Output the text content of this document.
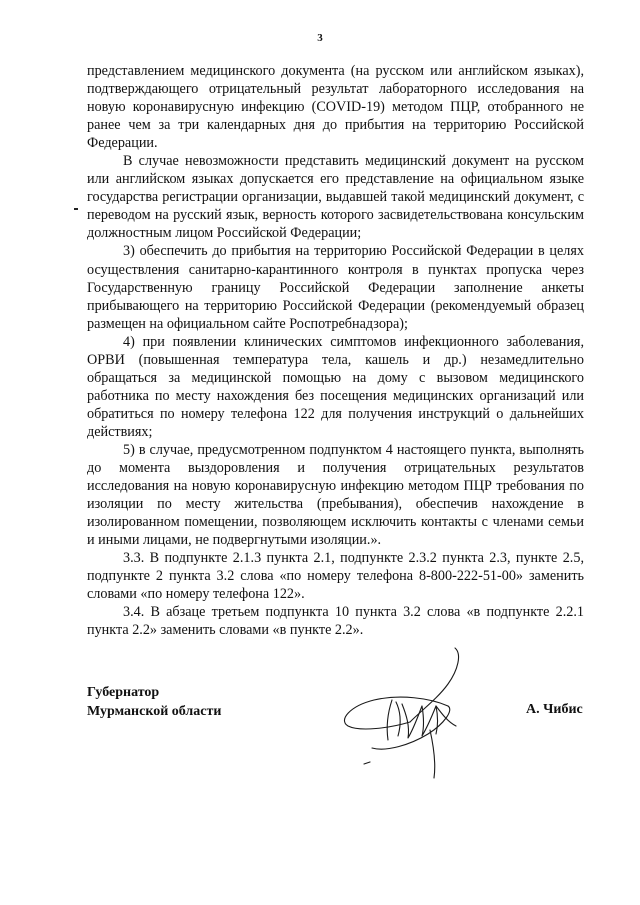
3

представлением медицинского документа (на русском или английском языках), подтверждающего отрицательный результат лабораторного исследования на новую коронавирусную инфекцию (COVID-19) методом ПЦР, отобранного не ранее чем за три календарных дня до прибытия на территорию Российской Федерации.

В случае невозможности представить медицинский документ на русском или английском языках допускается его представление на официальном языке государства регистрации организации, выдавшей такой медицинский документ, с переводом на русский язык, верность которого засвидетельствована консульским должностным лицом Российской Федерации;

3) обеспечить до прибытия на территорию Российской Федерации в целях осуществления санитарно-карантинного контроля в пунктах пропуска через Государственную границу Российской Федерации заполнение анкеты прибывающего на территорию Российской Федерации (рекомендуемый образец размещен на официальном сайте Роспотребнадзора);

4) при появлении клинических симптомов инфекционного заболевания, ОРВИ (повышенная температура тела, кашель и др.) незамедлительно обращаться за медицинской помощью на дому с вызовом медицинского работника по месту нахождения без посещения медицинских организаций или обратиться по номеру телефона 122 для получения инструкций о дальнейших действиях;

5) в случае, предусмотренном подпунктом 4 настоящего пункта, выполнять до момента выздоровления и получения отрицательных результатов исследования на новую коронавирусную инфекцию методом ПЦР требования по изоляции по месту жительства (пребывания), обеспечив нахождение в изолированном помещении, позволяющем исключить контакты с членами семьи и иными лицами, не подвергнутыми изоляции.».

3.3. В подпункте 2.1.3 пункта 2.1, подпункте 2.3.2 пункта 2.3, пункте 2.5, подпункте 2 пункта 3.2 слова «по номеру телефона 8-800-222-51-00» заменить словами «по номеру телефона 122».

3.4. В абзаце третьем подпункта 10 пункта 3.2 слова «в подпункте 2.2.1 пункта 2.2» заменить словами «в пункте 2.2».

Губернатор
Мурманской области	А. Чибис
